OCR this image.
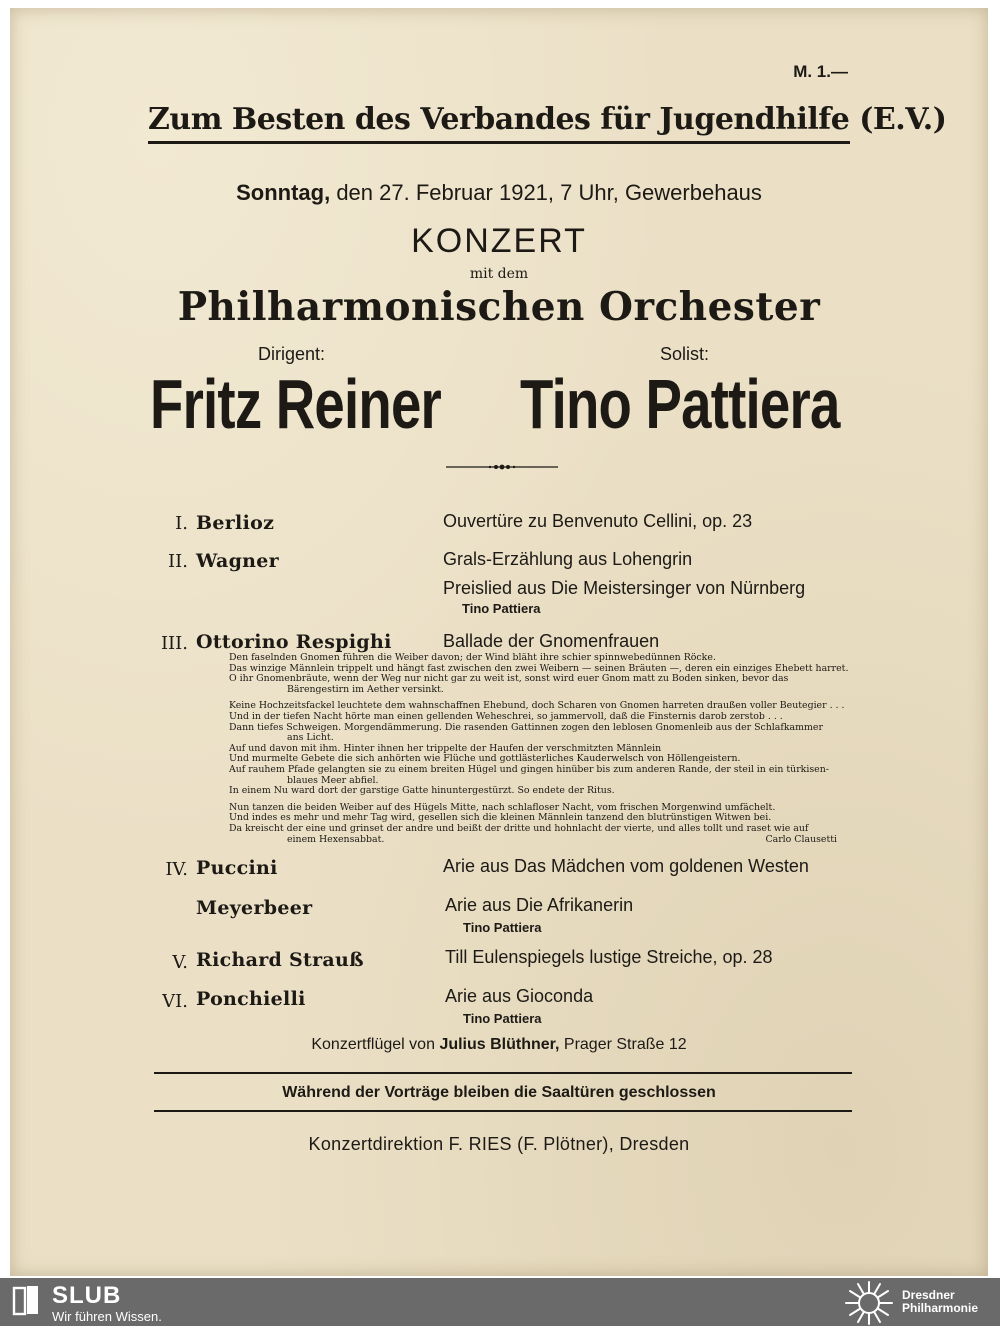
M. 1.—
Zum Besten des Verbandes für Jugendhilfe (E.V.)
Sonntag, den 27. Februar 1921, 7 Uhr, Gewerbehaus
KONZERT
mit dem
Philharmonischen Orchester
Dirigent:	Solist:
Fritz Reiner Tino Pattiera
I. Berlioz	Ouvertüre zu Benvenuto Cellini, op. 23
II. Wagner	Grals-Erzählung aus Lohengrin
Preislied aus Die Meistersinger von Nürnberg
Tino Pattiera
III. Ottorino Respighi	Ballade der Gnomenfrauen
Den faselnden Gnomen führen die Weiber davon; der Wind bläht ihre schier spinnwebedünnen Röcke.
Das winzige Männlein trippelt und hängt fast zwischen den zwei Weibern — seinen Bräuten —, deren ein einziges Ehebett harret.
O ihr Gnomenbräute, wenn der Weg nur nicht gar zu weit ist, sonst wird euer Gnom matt zu Boden sinken, bevor das
Bärengestirn im Aether versinkt.
Keine Hochzeitsfackel leuchtete dem wahnschaffnen Ehebund, doch Scharen von Gnomen harreten draußen voller Beutegier . . .
Und in der tiefen Nacht hörte man einen gellenden Weheschrei, so jammervoll, daß die Finsternis darob zerstob . . .
Dann tiefes Schweigen. Morgendämmerung. Die rasenden Gattinnen zogen den leblosen Gnomenleib aus der Schlafkammer
ans Licht.
Auf und davon mit ihm. Hinter ihnen her trippelte der Haufen der verschmitzten Männlein
Und murmelte Gebete die sich anhörten wie Flüche und gottlästerliches Kauderwelsch von Höllengeistern.
Auf rauhem Pfade gelangten sie zu einem breiten Hügel und gingen hinüber bis zum anderen Rande, der steil in ein türkisen-
blaues Meer abfiel.
In einem Nu ward dort der garstige Gatte hinuntergestürzt. So endete der Ritus.
Nun tanzen die beiden Weiber auf des Hügels Mitte, nach schlafloser Nacht, vom frischen Morgenwind umfächelt.
Und indes es mehr und mehr Tag wird, gesellen sich die kleinen Männlein tanzend den blutrünstigen Witwen bei.
Da kreischt der eine und grinset der andre und beißt der dritte und hohnlacht der vierte, und alles tollt und raset wie auf
einem Hexensabbat.	Carlo Clausetti
IV. Puccini	Arie aus Das Mädchen vom goldenen Westen
Meyerbeer	Arie aus Die Afrikanerin
Tino Pattiera
V. Richard Strauß	Till Eulenspiegels lustige Streiche, op. 28
VI. Ponchielli	Arie aus Gioconda
Tino Pattiera
Konzertflügel von Julius Blüthner, Prager Straße 12
Während der Vorträge bleiben die Saaltüren geschlossen
Konzertdirektion F. RIES (F. Plötner), Dresden
SLUB
Wir führen Wissen.
Dresdner
Philharmonie
